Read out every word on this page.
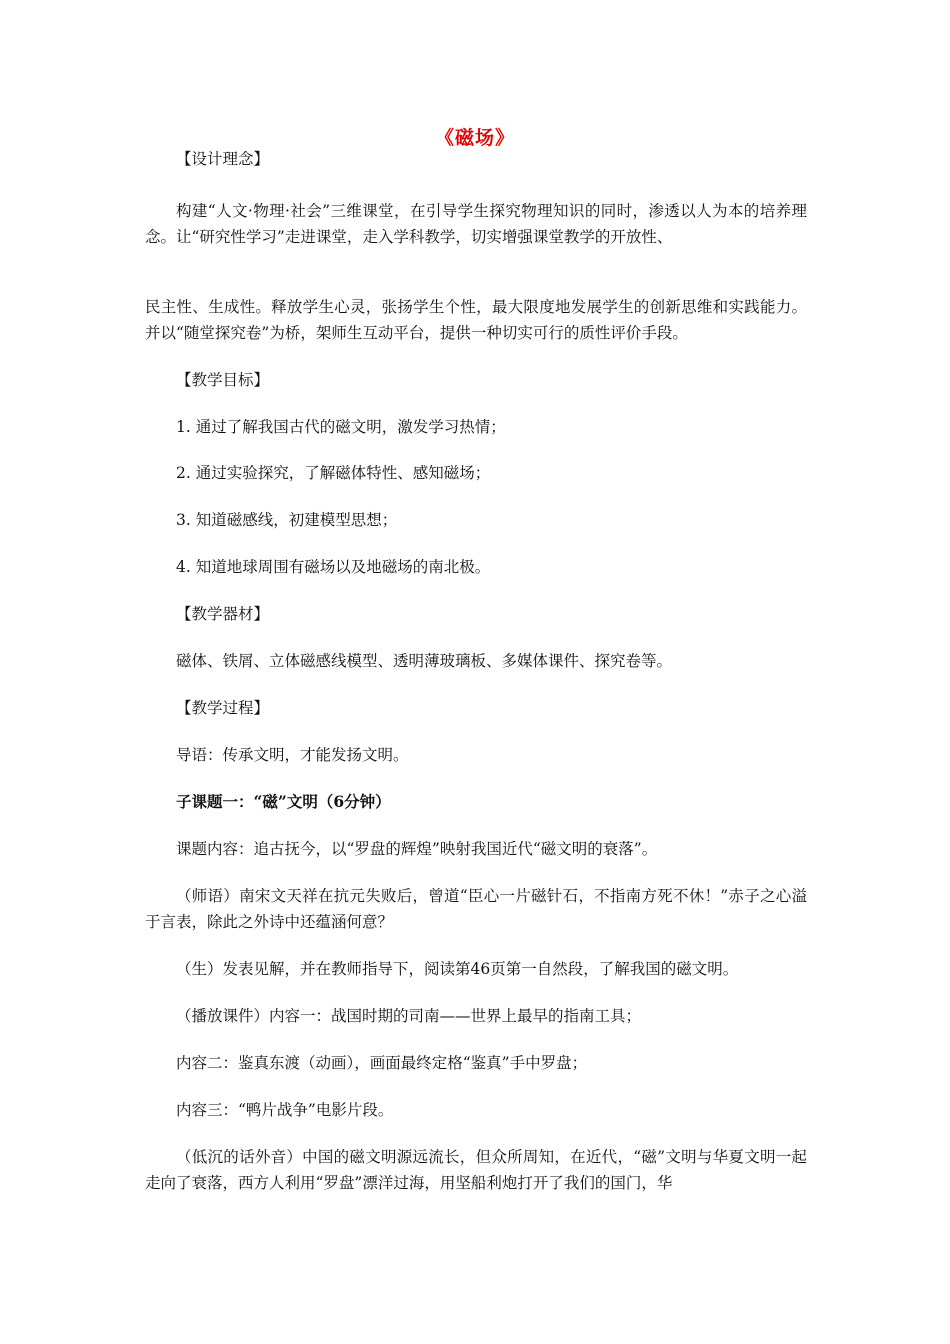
《磁场》
【设计理念】
构建“人文·物理·社会”三维课堂，在引导学生探究物理知识的同时，渗透以人为本的培养理念。让“研究性学习”走进课堂，走入学科教学，切实增强课堂教学的开放性、
民主性、生成性。释放学生心灵，张扬学生个性，最大限度地发展学生的创新思维和实践能力。并以“随堂探究卷”为桥，架师生互动平台，提供一种切实可行的质性评价手段。
【教学目标】
1. 通过了解我国古代的磁文明，激发学习热情；
2. 通过实验探究，了解磁体特性、感知磁场；
3. 知道磁感线，初建模型思想；
4. 知道地球周围有磁场以及地磁场的南北极。
【教学器材】
磁体、铁屑、立体磁感线模型、透明薄玻璃板、多媒体课件、探究卷等。
【教学过程】
导语：传承文明，才能发扬文明。
子课题一：“磁”文明（6分钟）
课题内容：追古抚今，以“罗盘的辉煌”映射我国近代“磁文明的衰落”。
（师语）南宋文天祥在抗元失败后，曾道“臣心一片磁针石，不指南方死不休！”赤子之心溢于言表，除此之外诗中还蕴涵何意？
（生）发表见解，并在教师指导下，阅读第46页第一自然段，了解我国的磁文明。
（播放课件）内容一：战国时期的司南——世界上最早的指南工具；
内容二：鉴真东渡（动画），画面最终定格“鉴真”手中罗盘；
内容三：“鸭片战争”电影片段。
（低沉的话外音）中国的磁文明源远流长，但众所周知，在近代，“磁”文明与华夏文明一起走向了衰落，西方人利用“罗盘”漂洋过海，用坚船利炮打开了我们的国门，华
